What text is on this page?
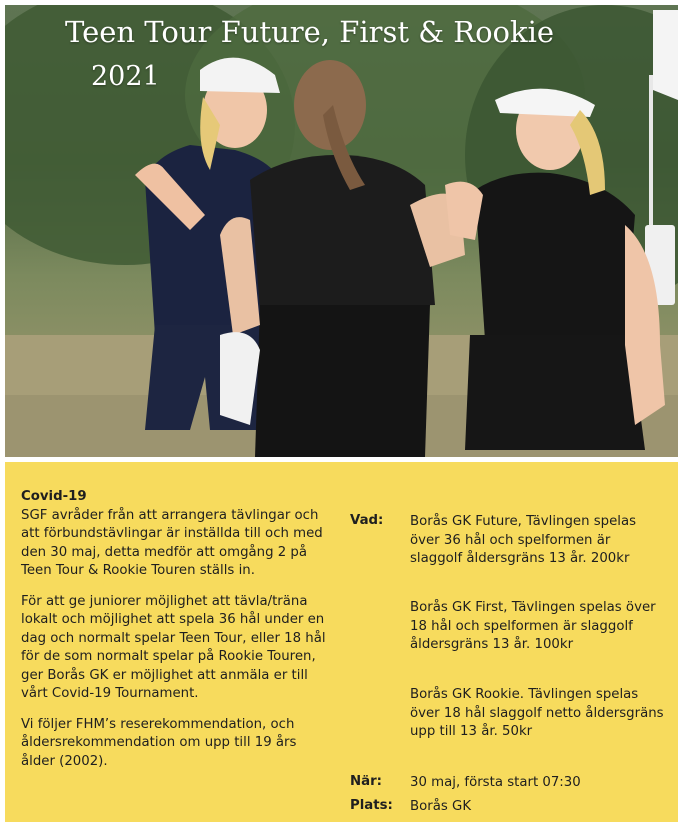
Teen Tour Future, First & Rookie
2021

Covid-19

SGF avråder från att arrangera tävlingar och att förbundstävlingar är inställda till och med den 30 maj, detta medför att omgång 2 på Teen Tour & Rookie Touren ställs in.

För att ge juniorer möjlighet att tävla/träna lokalt och möjlighet att spela 36 hål under en dag och normalt spelar Teen Tour, eller 18 hål för de som normalt spelar på Rookie Touren, ger Borås GK er möjlighet att anmäla er till vårt Covid-19 Tournament.

Vi följer FHM’s reserekommendation, och åldersrekommendation om upp till 19 års ålder (2002).

Vad: Borås GK Future, Tävlingen spelas över 36 hål och spelformen är slaggolf åldersgräns 13 år. 200kr
Borås GK First, Tävlingen spelas över 18 hål och spelformen är slaggolf åldersgräns 13 år. 100kr
Borås GK Rookie. Tävlingen spelas över 18 hål slaggolf netto åldersgräns upp till 13 år. 50kr
När: 30 maj, första start 07:30
Plats: Borås GK
